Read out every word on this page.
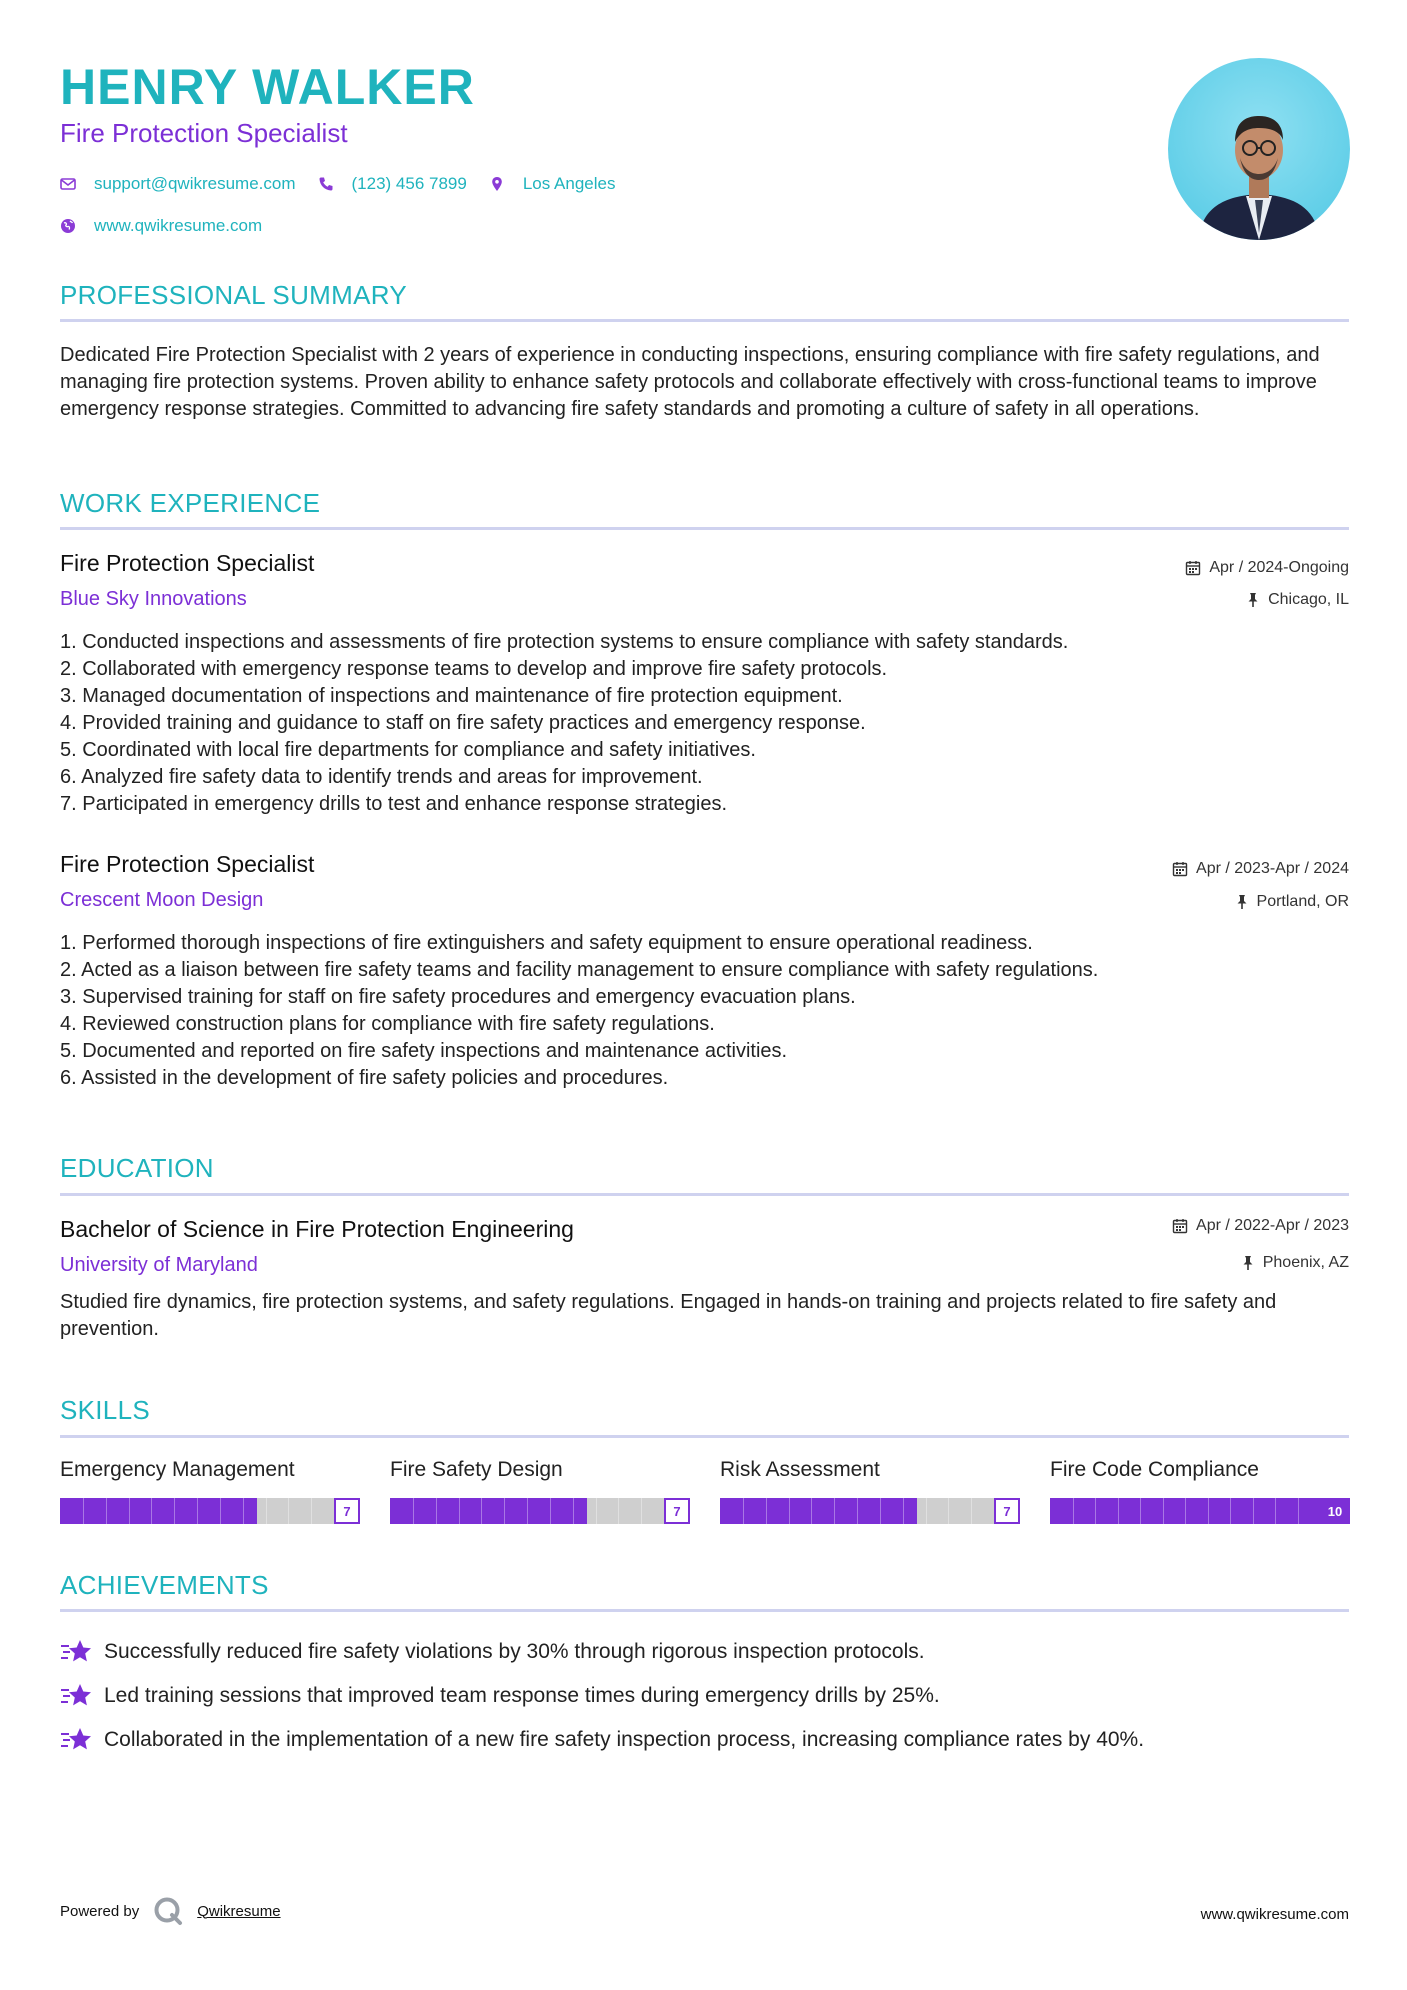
HENRY WALKER
Fire Protection Specialist
support@qwikresume.com	(123) 456 7899	Los Angeles
www.qwikresume.com
PROFESSIONAL SUMMARY

Dedicated Fire Protection Specialist with 2 years of experience in conducting inspections, ensuring compliance with fire safety regulations, and managing fire protection systems. Proven ability to enhance safety protocols and collaborate effectively with cross-functional teams to improve emergency response strategies. Committed to advancing fire safety standards and promoting a culture of safety in all operations.

WORK EXPERIENCE
Fire Protection Specialist	Apr / 2024-Ongoing
Blue Sky Innovations	Chicago, IL
1. Conducted inspections and assessments of fire protection systems to ensure compliance with safety standards.
2. Collaborated with emergency response teams to develop and improve fire safety protocols.
3. Managed documentation of inspections and maintenance of fire protection equipment.
4. Provided training and guidance to staff on fire safety practices and emergency response.
5. Coordinated with local fire departments for compliance and safety initiatives.
6. Analyzed fire safety data to identify trends and areas for improvement.
7. Participated in emergency drills to test and enhance response strategies.
Fire Protection Specialist	Apr / 2023-Apr / 2024
Crescent Moon Design	Portland, OR
1. Performed thorough inspections of fire extinguishers and safety equipment to ensure operational readiness.
2. Acted as a liaison between fire safety teams and facility management to ensure compliance with safety regulations.
3. Supervised training for staff on fire safety procedures and emergency evacuation plans.
4. Reviewed construction plans for compliance with fire safety regulations.
5. Documented and reported on fire safety inspections and maintenance activities.
6. Assisted in the development of fire safety policies and procedures.
EDUCATION
Bachelor of Science in Fire Protection Engineering	Apr / 2022-Apr / 2023
University of Maryland	Phoenix, AZ

Studied fire dynamics, fire protection systems, and safety regulations. Engaged in hands-on training and projects related to fire safety and prevention.

SKILLS
Emergency Management
7
Fire Safety Design
7
Risk Assessment
7
Fire Code Compliance
10
ACHIEVEMENTS
Successfully reduced fire safety violations by 30% through rigorous inspection protocols.
Led training sessions that improved team response times during emergency drills by 25%.
Collaborated in the implementation of a new fire safety inspection process, increasing compliance rates by 40%.
Powered by	Qwikresume	www.qwikresume.com
